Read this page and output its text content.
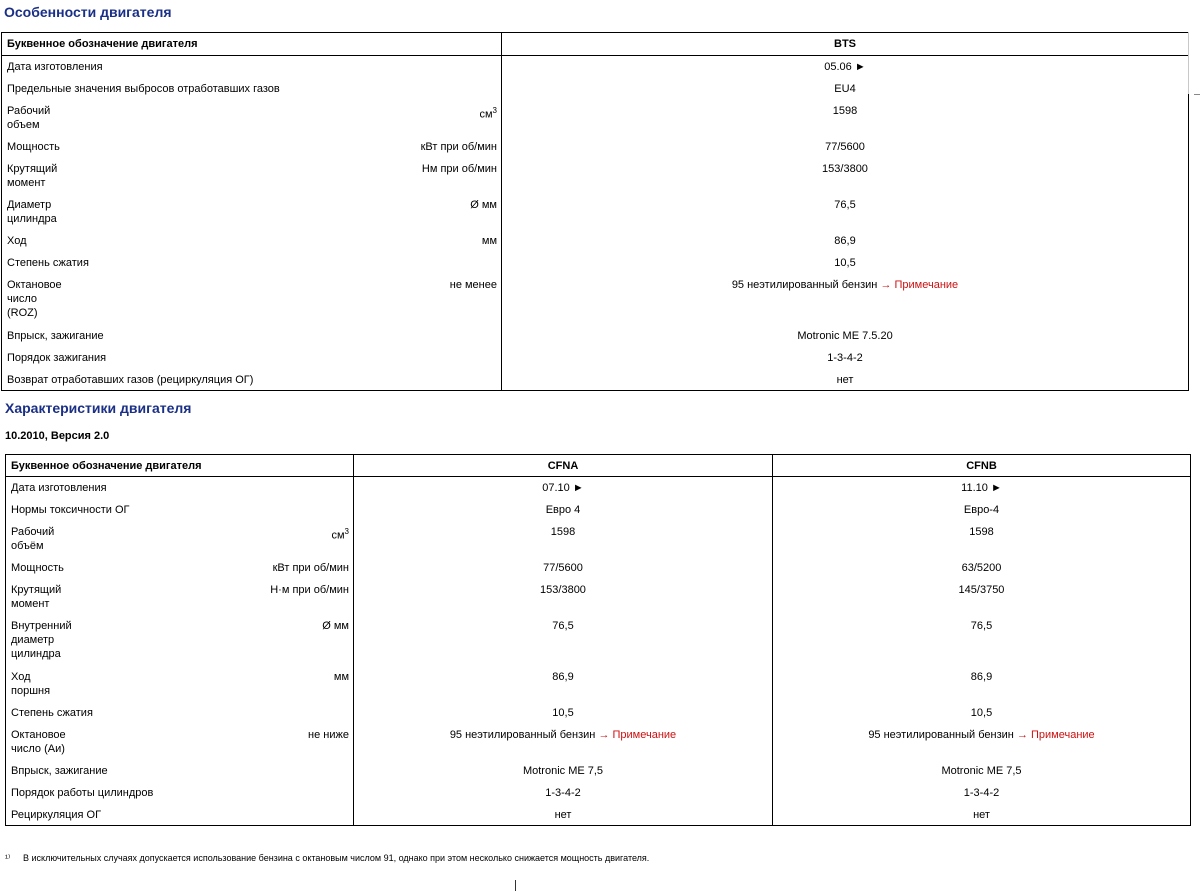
Особенности двигателя
Буквенное обозначение двигателя	BTS

Дата изготовления	05.06 ►

Предельные значения выбросов отработавших газов	EU4

Рабочий
объем
$см^3$	1598

Мощность кВт при об/мин	77/5600

Крутящий
момент
Нм при об/мин	153/3800

Диаметр
цилиндра
Ø мм	76,5

Ход мм	86,9

Степень сжатия	10,5

Октановое
число
(ROZ)
не менее	95 неэтилированный бензин → Примечание

Впрыск, зажигание	Motronic ME 7.5.20

Порядок зажигания	1-3-4-2

Возврат отработавших газов (рециркуляция ОГ)	нет
Характеристики двигателя
10.2010, Версия 2.0
Буквенное обозначение двигателя	CFNA	CFNB

Дата изготовления	07.10 ►	11.10 ►

Нормы токсичности ОГ	Евро 4	Евро-4

Рабочий
объём
$см^3$	1598	1598

Мощность кВт при об/мин	77/5600	63/5200

Крутящий
момент
Н·м при об/мин	153/3800	145/3750

Внутренний
диаметр
цилиндра
Ø мм	76,5	76,5

Ход
поршня
мм	86,9	86,9

Степень сжатия	10,5	10,5

Октановое
число (Аи)
не ниже	95 неэтилированный бензин → Примечание	95 неэтилированный бензин → Примечание

Впрыск, зажигание	Motronic ME 7,5	Motronic ME 7,5

Порядок работы цилиндров	1-3-4-2	1-3-4-2

Рециркуляция ОГ	нет	нет
¹⁾	В исключительных случаях допускается использование бензина с октановым числом 91, однако при этом несколько снижается мощность двигателя.
